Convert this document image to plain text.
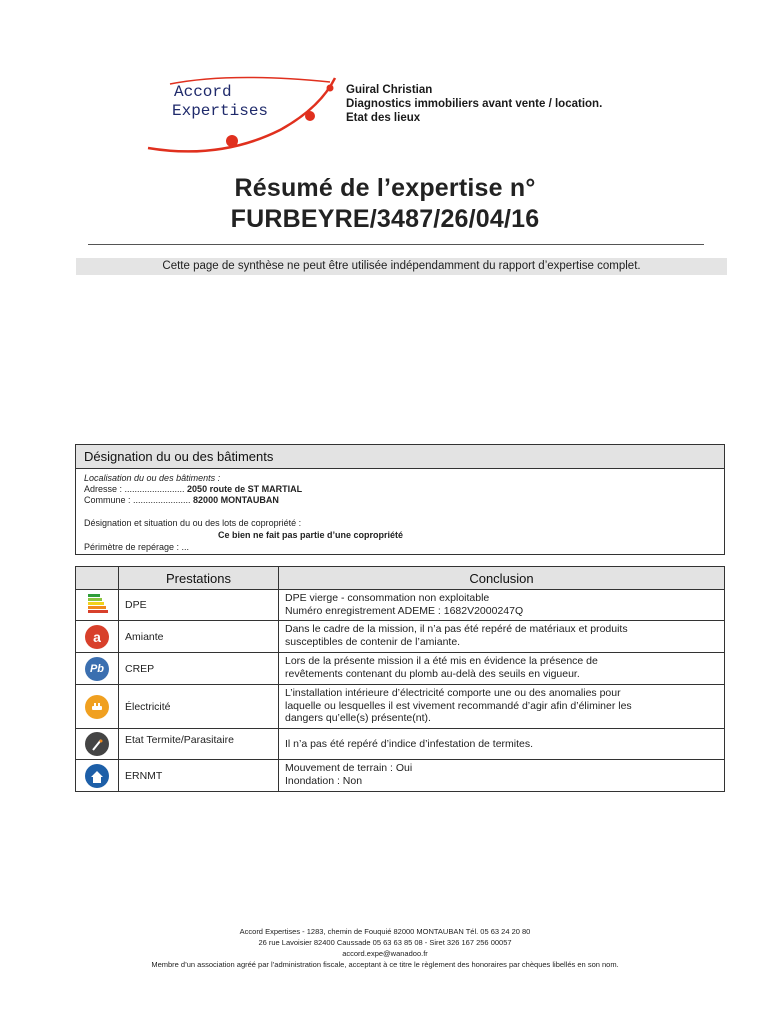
Accord
Expertises
Guiral Christian
Diagnostics immobiliers avant vente / location.
Etat des lieux
Résumé de l’expertise n°
FURBEYRE/3487/26/04/16
Cette page de synthèse ne peut être utilisée indépendamment du rapport d’expertise complet.
Désignation du ou des bâtiments
Localisation du ou des bâtiments :
Adresse : ........................ 2050 route de ST MARTIAL
Commune : ....................... 82000 MONTAUBAN
Désignation et situation du ou des lots de copropriété :
Ce bien ne fait pas partie d’une copropriété
Périmètre de repérage : ...
	Prestations	Conclusion
	DPE	DPE vierge - consommation non exploitable
Numéro enregistrement ADEME : 1682V2000247Q

a	Amiante	Dans le cadre de la mission, il n’a pas été repéré de matériaux et produits
susceptibles de contenir de l’amiante.

Pb	CREP	Lors de la présente mission il a été mis en évidence la présence de
revêtements contenant du plomb au-delà des seuils en vigueur.

	Électricité	L’installation intérieure d’électricité comporte une ou des anomalies pour
laquelle ou lesquelles il est vivement recommandé d’agir afin d’éliminer les
dangers qu’elle(s) présente(nt).

	Etat Termite/Parasitaire	Il n’a pas été repéré d’indice d’infestation de termites.

	ERNMT	Mouvement de terrain : Oui
Inondation : Non
Accord Expertises - 1283, chemin de Fouquié 82000 MONTAUBAN Tél. 05 63 24 20 80
26 rue Lavoisier 82400 Caussade 05 63 63 85 08 - Siret 326 167 256 00057
accord.expe@wanadoo.fr
Membre d’un association agréé par l’administration fiscale, acceptant à ce titre le règlement des honoraires par chèques libellés en son nom.
